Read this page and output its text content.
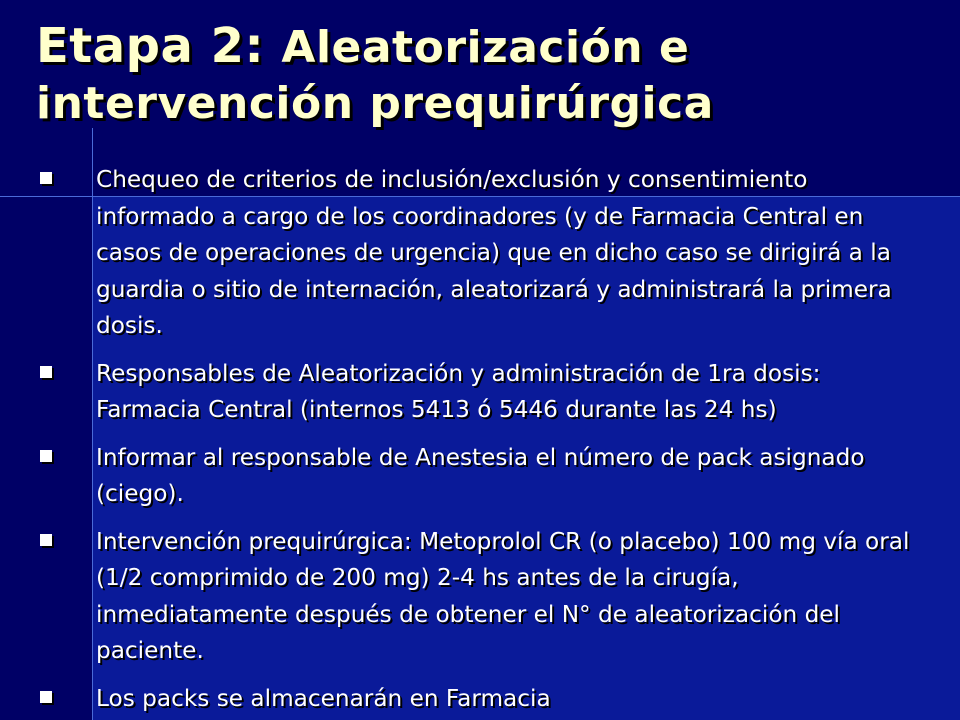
Etapa 2: Aleatorización e intervención prequirúrgica
Chequeo de criterios de inclusión/exclusión y consentimiento informado a cargo de los coordinadores (y de Farmacia Central en casos de operaciones de urgencia) que en dicho caso se dirigirá a la guardia o sitio de internación, aleatorizará y administrará la primera dosis.
Responsables de Aleatorización y administración de 1ra dosis: Farmacia Central (internos 5413 ó 5446 durante las 24 hs)
Informar al responsable de Anestesia el número de pack asignado (ciego).
Intervención prequirúrgica: Metoprolol CR (o placebo) 100 mg vía oral (1/2 comprimido de 200 mg) 2-4 hs antes de la cirugía, inmediatamente después de obtener el N° de aleatorización del paciente.
Los packs se almacenarán en Farmacia
